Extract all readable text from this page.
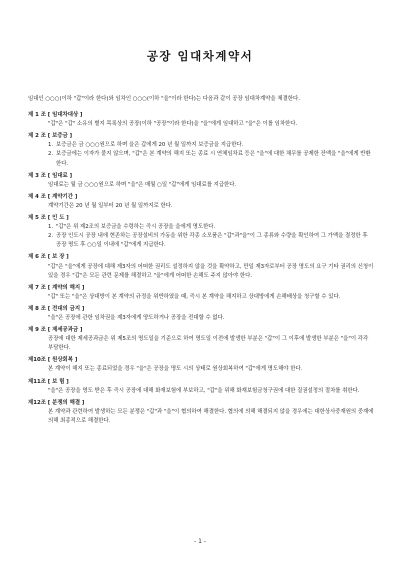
공장 임대차계약서
임대인 ○○○(이하 "갑"이라 한다)와 임차인 ○○○(이하 "을"이라 한다)는 다음과 같이 공장 임대차계약을 체결한다.
제 1 조 [ 임대차대상 ]
"갑"은 "갑" 소유의 별지 목록상의 공장(이하 "공장"이라 한다)을 "을"에게 임대하고 "을"은 이를 임차한다.
제 2 조 [ 보증금 ]
1. 보증금은 금 ○○○원으로 하며 을은 갑에게 20 년 월 일까지 보증금을 지급한다.
2. 보증금에는 이자가 붙지 않으며, "갑"은 본 계약의 해지 또는 종료 시 연체임차료 등은 "을"에 대한 채무를 공제한 잔액을 "을"에게 반환한다.
제 3 조 [ 임대료 ]
임대료는 월 금 ○○○원으로 하며 "을"은 매월 ○일 "갑"에게 임대료를 지급한다.
제 4 조 [ 계약기간 ]
계약기간은 20 년 월 일부터 20 년 월 일까지로 한다.
제 5 조 [ 인 도 ]
1. "갑"은 위 제2조의 보증금을 수령하는 즉시 공장을 을에게 명도한다.
2. 공장 인도시 공장 내에 현존하는 공장설비의 가동을 위한 각종 소모품은 "갑"과"을"이 그 종류와 수량을 확인하여 그 가액을 결정한 후 공장 명도 후 ○○일 이내에 "갑"에게 지급한다.
제 6 조 [ 보 장 ]
"갑"은 "을"에게 공장에 대해 제3자의 어떠한 권리도 설정하지 않을 것을 확약하고, 만일 제3자로부터 공장 명도의 요구 기타 권리의 신청이 있을 경우 "갑"은 모든 관련 문제를 해결하고 "을"에게 어떠한 손해도 주지 않아야 한다.
제 7 조 [ 계약의 해지 ]
"갑" 또는 "을"은 상대방이 본 계약의 규정을 위반하였을 때, 즉시 본 계약을 해지하고 상대방에게 손해배상을 청구할 수 있다.
제 8 조 [ 전대의 금지 ]
"을"은 공장에 관한 임차권을 제3자에게 양도하거나 공장을 전대할 수 없다.
제 9 조 [ 제세공과금 ]
공장에 대한 제세공과금은 위 제5조의 명도일을 기준으로 하여 명도일 이전에 발생한 부분은 "갑"이 그 이후에 발생한 부분은 "을"이 각각 부담한다.
제10조 [ 원상회복 ]
본 계약이 해지 또는 종료되었을 경우 "을"은 공장을 명도 시의 상태로 원상회복하여 "갑"에게 명도해야 한다.
제11조 [ 보 험 ]
"을"은 공장을 명도 받은 후 즉시 공장에 대해 화재보험에 부보하고, "갑"을 위해 화재보험금청구권에 대한 질권설정의 절차를 취한다.
제12조 [ 분쟁의 해결 ]
본 계약과 관련하여 발생하는 모든 분쟁은 "갑"과 "을"이 협의하여 해결한다. 협의에 의해 해결되지 않을 경우에는 대한상사중재원의 중재에 의해 최종적으로 해결한다.
- 1 -
